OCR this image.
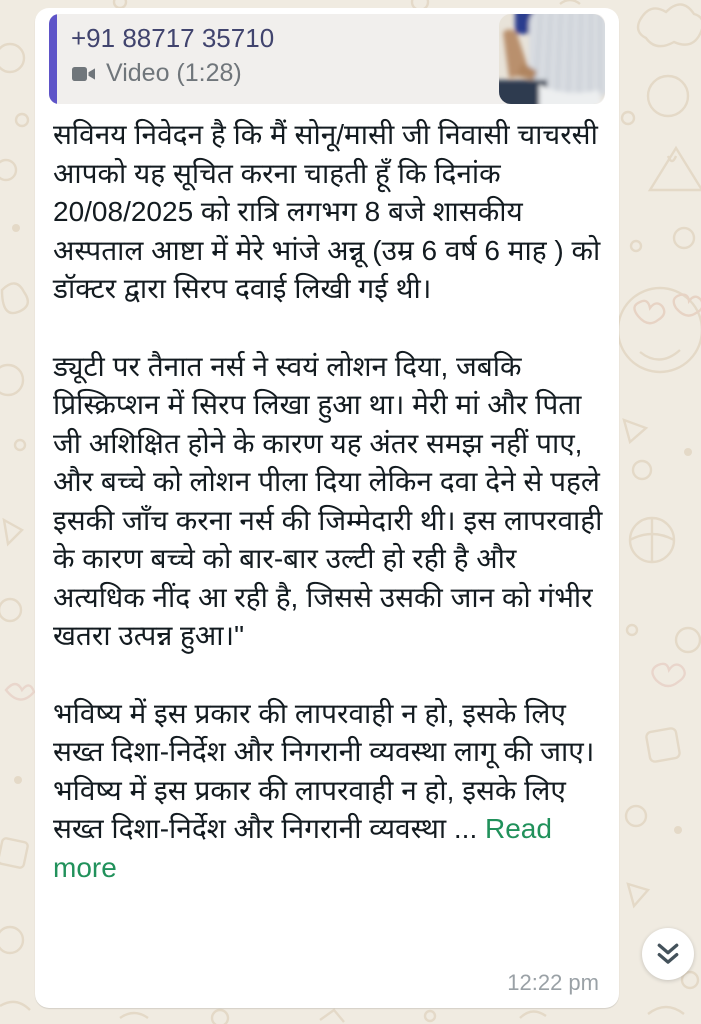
+91 88717 35710
Video (1:28)
सविनय निवेदन है कि मैं सोनू/मासी जी निवासी चाचरसी आपको यह सूचित करना चाहती हूँ कि दिनांक 20/08/2025 को रात्रि लगभग 8 बजे शासकीय अस्पताल आष्टा में मेरे भांजे अन्नू (उम्र 6 वर्ष 6 माह ) को डॉक्टर द्वारा सिरप दवाई लिखी गई थी।
ड्यूटी पर तैनात नर्स ने स्वयं लोशन दिया, जबकि प्रिस्क्रिप्शन में सिरप लिखा हुआ था। मेरी मां और पिता जी अशिक्षित होने के कारण यह अंतर समझ नहीं पाए, और बच्चे को लोशन पीला दिया लेकिन दवा देने से पहले इसकी जाँच करना नर्स की जिम्मेदारी थी। इस लापरवाही के कारण बच्चे को बार-बार उल्टी हो रही है और अत्यधिक नींद आ रही है, जिससे उसकी जान को गंभीर खतरा उत्पन्न हुआ।"
भविष्य में इस प्रकार की लापरवाही न हो, इसके लिए सख्त दिशा-निर्देश और निगरानी व्यवस्था लागू की जाए।
भविष्य में इस प्रकार की लापरवाही न हो, इसके लिए सख्त दिशा-निर्देश और निगरानी व्यवस्था ... Read more
12:22 pm
